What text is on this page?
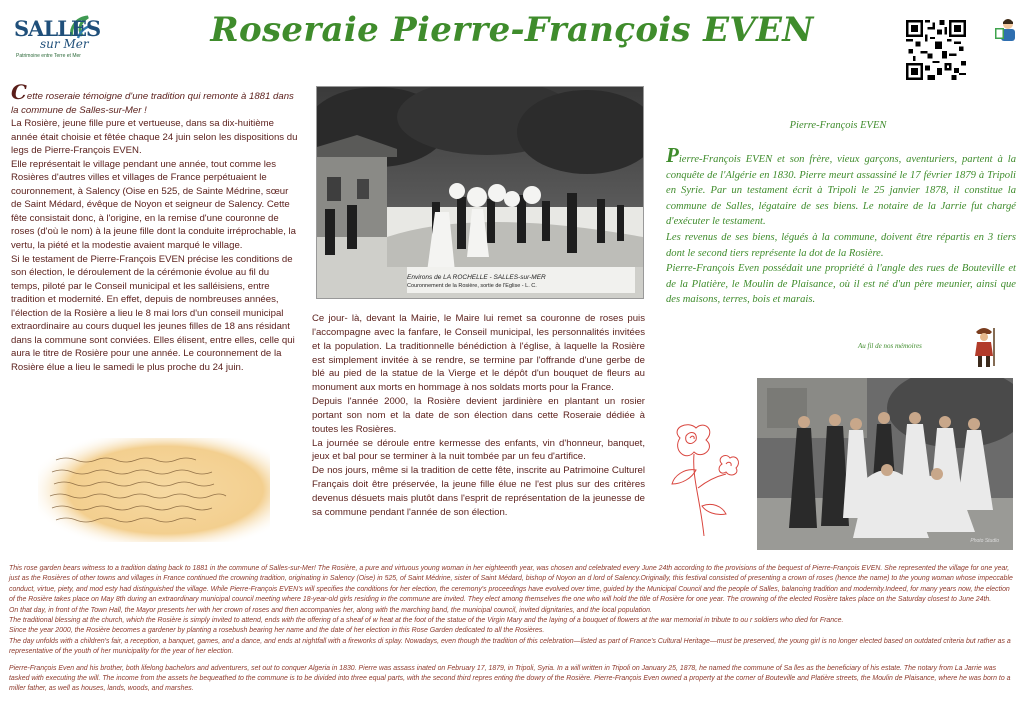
SALLES
sur Mer
Patrimoine entre Terre et Mer
Roseraie Pierre-François EVEN

Cette roseraie témoigne d'une tradition qui remonte à 1881 dans la commune de Salles-sur-Mer !

La Rosière, jeune fille pure et vertueuse, dans sa dix-huitième année était choisie et fêtée chaque 24 juin selon les dispositions du legs de Pierre-François EVEN.

Elle représentait le village pendant une année, tout comme les Rosières d'autres villes et villages de France perpétuaient le couronnement, à Salency (Oise en 525, de Sainte Médrine, sœur de Saint Médard, évêque de Noyon et seigneur de Salency. Cette fête consistait donc, à l'origine, en la remise d'une couronne de roses (d'où le nom) à la jeune fille dont la conduite irréprochable, la vertu, la piété et la modestie avaient marqué le village.

Si le testament de Pierre-François EVEN précise les conditions de son élection, le déroulement de la cérémonie évolue au fil du temps, piloté par le Conseil municipal et les salléisiens, entre tradition et modernité. En effet, depuis de nombreuses années, l'élection de la Rosière a lieu le 8 mai lors d'un conseil municipal extraordinaire au cours duquel les jeunes filles de 18 ans résidant dans la commune sont conviées. Elles élisent, entre elles, celle qui aura le titre de Rosière pour une année. Le couronnement de la Rosière élue a lieu le samedi le plus proche du 24 juin.

Environs de LA ROCHELLE - SALLES-sur-MER
Couronnement de la Rosière, sortie de l'Eglise - L. C.

Ce jour- là, devant la Mairie, le Maire lui remet sa couronne de roses puis l'accompagne avec la fanfare, le Conseil municipal, les personnalités invitées et la population. La traditionnelle bénédiction à l'église, à laquelle la Rosière est simplement invitée à se rendre, se termine par l'offrande d'une gerbe de blé au pied de la statue de la Vierge et le dépôt d'un bouquet de fleurs au monument aux morts en hommage à nos soldats morts pour la France.

Depuis l'année 2000, la Rosière devient jardinière en plantant un rosier portant son nom et la date de son élection dans cette Roseraie dédiée à toutes les Rosières.

La journée se déroule entre kermesse des enfants, vin d'honneur, banquet, jeux et bal pour se terminer à la nuit tombée par un feu d'artifice.

De nos jours, même si la tradition de cette fête, inscrite au Patrimoine Culturel Français doit être préservée, la jeune fille élue ne l'est plus sur des critères devenus désuets mais plutôt dans l'esprit de représentation de la jeunesse de sa commune pendant l'année de son élection.

Pierre-François EVEN

Pierre-François EVEN et son frère, vieux garçons, aventuriers, partent à la conquête de l'Algérie en 1830. Pierre meurt assassiné le 17 février 1879 à Tripoli en Syrie. Par un testament écrit à Tripoli le 25 janvier 1878, il constitue la commune de Salles, légataire de ses biens. Le notaire de la Jarrie fut chargé d'exécuter le testament.

Les revenus de ses biens, légués à la commune, doivent être répartis en 3 tiers dont le second tiers représente la dot de la Rosière.

Pierre-François Even possédait une propriété à l'angle des rues de Bouteville et de la Platière, le Moulin de Plaisance, où il est né d'un père meunier, ainsi que des maisons, terres, bois et marais.

Au fil de nos mémoires
Photo Studio

This rose garden bears witness to a tradition dating back to 1881 in the commune of Salles-sur-Mer! The Rosière, a pure and virtuous young woman in her eighteenth year, was chosen and celebrated every June 24th according to the provisions of the bequest of Pierre-François EVEN. She represented the village for one year, just as the Rosières of other towns and villages in France continued the crowning tradition, originating in Salency (Oise) in 525, of Saint Médrine, sister of Saint Médard, bishop of Noyon an d lord of Salency.Originally, this festival consisted of presenting a crown of roses (hence the name) to the young woman whose impeccable conduct, virtue, piety, and mod esty had distinguished the village. While Pierre-François EVEN's will specifies the conditions for her election, the ceremony's proceedings have evolved over time, guided by the Municipal Council and the people of Salles, balancing tradition and modernity.Indeed, for many years now, the election of the Rosière takes place on May 8th during an extraordinary municipal council meeting where 18-year-old girls residing in the commune are invited. They elect among themselves the one who will hold the title of Rosière for one year. The crowning of the elected Rosière takes place on the Saturday closest to June 24th.

On that day, in front of the Town Hall, the Mayor presents her with her crown of roses and then accompanies her, along with the marching band, the municipal council, invited dignitaries, and the local population.

The traditional blessing at the church, which the Rosière is simply invited to attend, ends with the offering of a sheaf of w heat at the foot of the statue of the Virgin Mary and the laying of a bouquet of flowers at the war memorial in tribute to ou r soldiers who died for France.

Since the year 2000, the Rosière becomes a gardener by planting a rosebush bearing her name and the date of her election in this Rose Garden dedicated to all the Rosières.

The day unfolds with a children's fair, a reception, a banquet, games, and a dance, and ends at nightfall with a fireworks di splay. Nowadays, even though the tradition of this celebration—listed as part of France's Cultural Heritage—must be preserved, the young girl is no longer elected based on outdated criteria but rather as a representative of the youth of her municipality for the year of her election.

Pierre-François Even and his brother, both lifelong bachelors and adventurers, set out to conquer Algeria in 1830. Pierre was assass inated on February 17, 1879, in Tripoli, Syria. In a will written in Tripoli on January 25, 1878, he named the commune of Sa lles as the beneficiary of his estate. The notary from La Jarrie was tasked with executing the will. The income from the assets he bequeathed to the commune is to be divided into three equal parts, with the second third repres enting the dowry of the Rosière. Pierre-François Even owned a property at the corner of Bouteville and Platière streets, the Moulin de Plaisance, where he was born to a miller father, as well as houses, lands, woods, and marshes.
